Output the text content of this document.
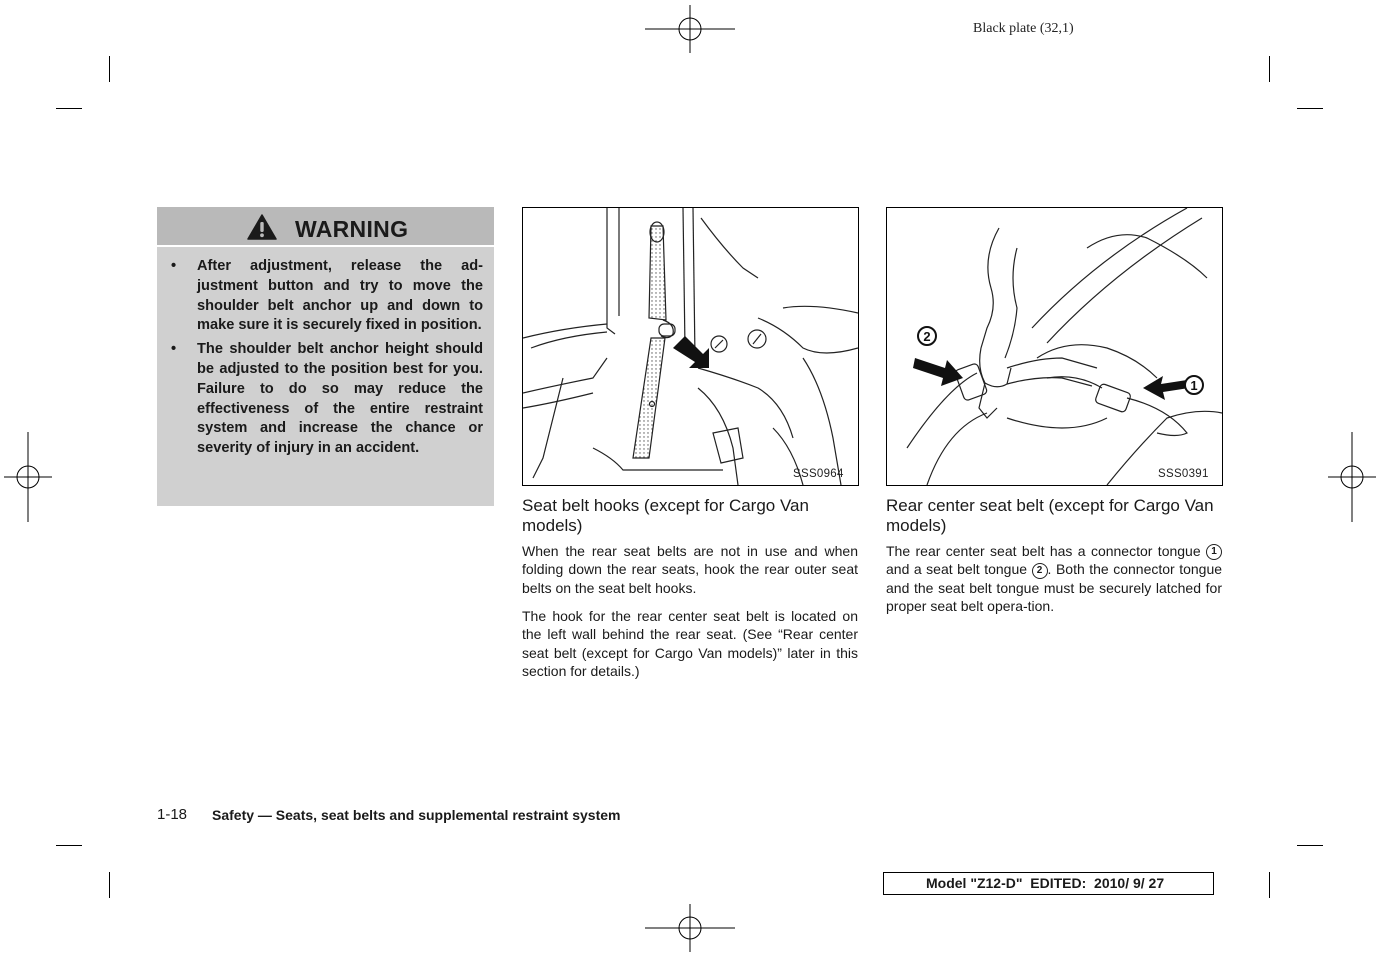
Black plate (32,1)
WARNING
• After adjustment, release the ad-justment button and try to move the shoulder belt anchor up and down to make sure it is securely fixed in position.
• The shoulder belt anchor height should be adjusted to the position best for you. Failure to do so may reduce the effectiveness of the entire restraint system and increase the chance or severity of injury in an accident.
SSS0964
2
1
SSS0391
Seat belt hooks (except for Cargo Van models)

When the rear seat belts are not in use and when folding down the rear seats, hook the rear outer seat belts on the seat belt hooks.

The hook for the rear center seat belt is located on the left wall behind the rear seat. (See “Rear center seat belt (except for Cargo Van models)” later in this section for details.)

Rear center seat belt (except for Cargo Van models)

The rear center seat belt has a connector tongue 1 and a seat belt tongue 2 . Both the connector tongue and the seat belt tongue must be securely latched for proper seat belt opera-tion.

1-18 Safety — Seats, seat belts and supplemental restraint system
Model "Z12-D"  EDITED:  2010/ 9/ 27
